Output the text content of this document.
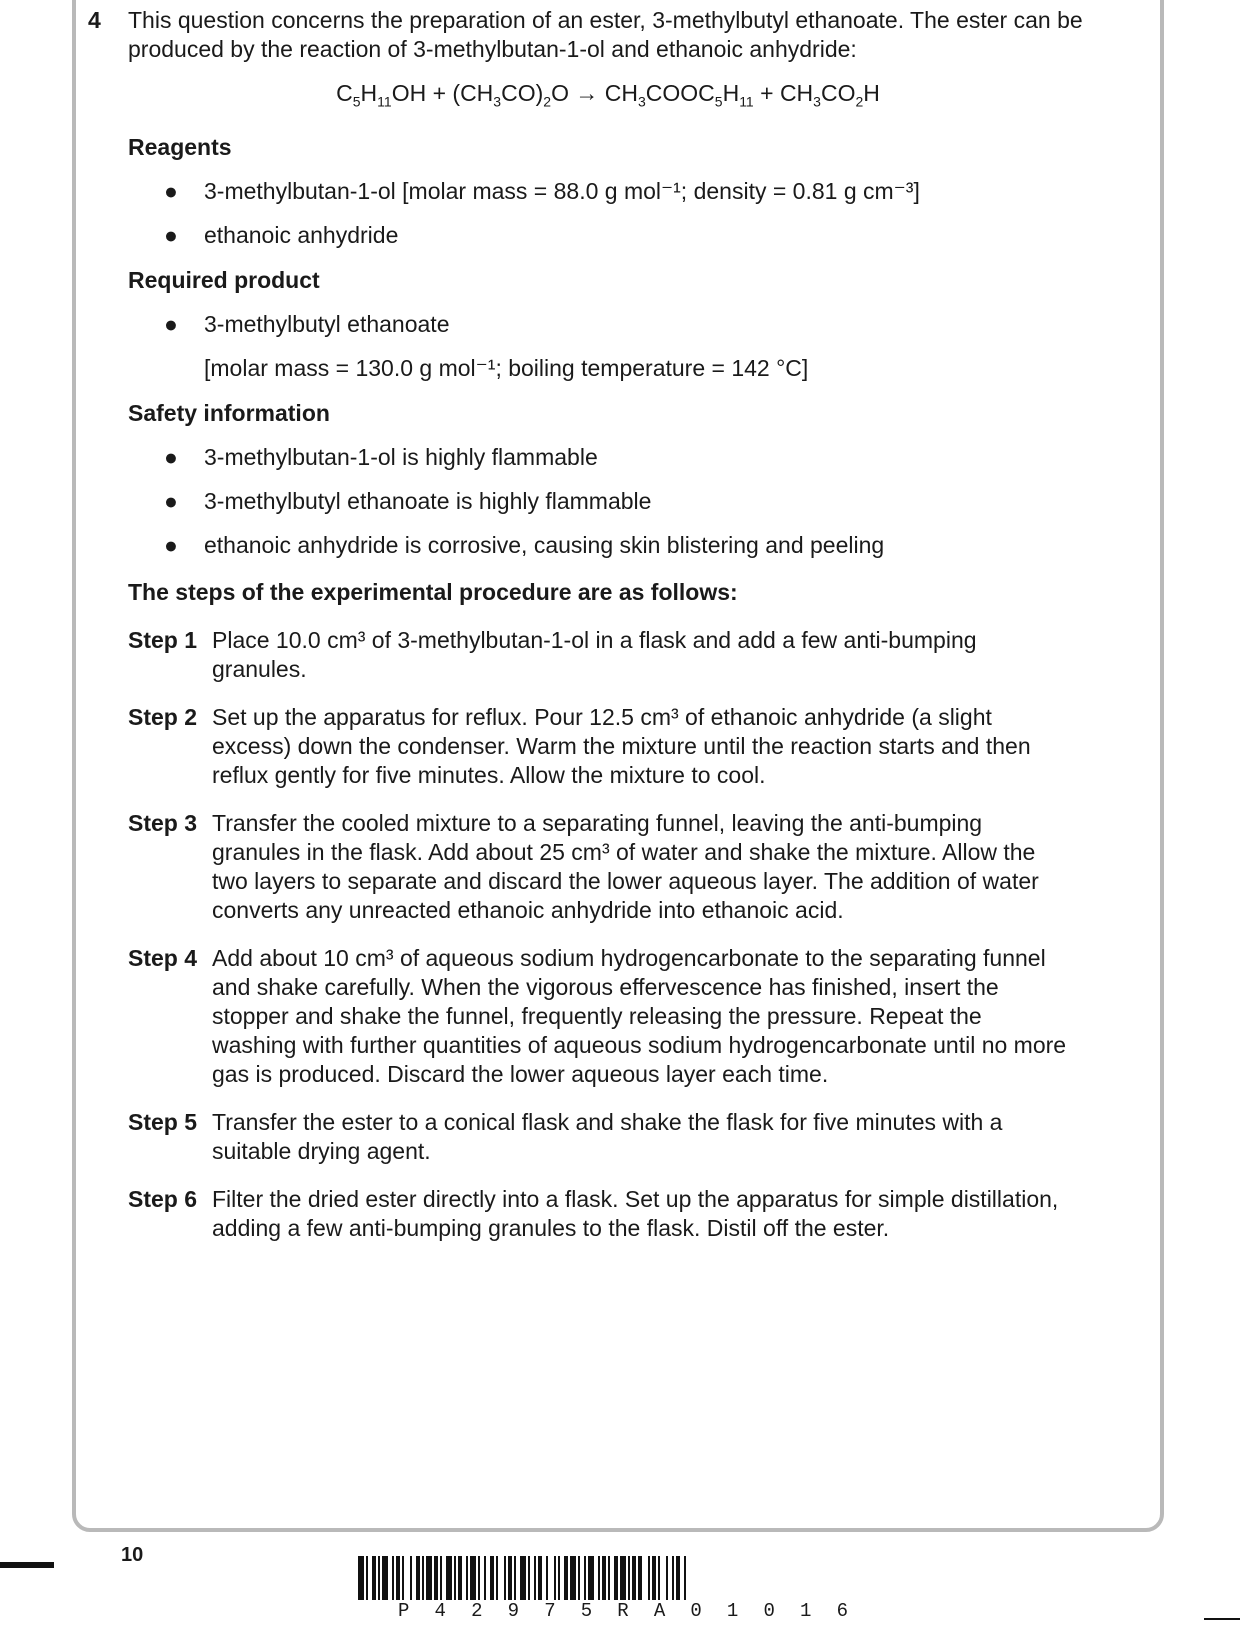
4	This question concerns the preparation of an ester, 3-methylbutyl ethanoate. The ester can be produced by the reaction of 3-methylbutan-1-ol and ethanoic anhydride:
$C_5H_{11}OH + (CH_3CO)_2O$ → $CH_3COOC_5H_{11} + CH_3CO_2H$
Reagents
●	3-methylbutan-1-ol [molar mass = 88.0 g mol⁻¹; density = 0.81 g cm⁻³]
●	ethanoic anhydride
Required product
●	3-methylbutyl ethanoate
[molar mass = 130.0 g mol⁻¹; boiling temperature = 142 °C]
Safety information
●	3-methylbutan-1-ol is highly flammable
●	3-methylbutyl ethanoate is highly flammable
●	ethanoic anhydride is corrosive, causing skin blistering and peeling
The steps of the experimental procedure are as follows:
Step 1 Place 10.0 cm³ of 3-methylbutan-1-ol in a flask and add a few anti-bumping granules.
Step 2 Set up the apparatus for reflux. Pour 12.5 cm³ of ethanoic anhydride (a slight excess) down the condenser. Warm the mixture until the reaction starts and then reflux gently for five minutes. Allow the mixture to cool.
Step 3 Transfer the cooled mixture to a separating funnel, leaving the anti-bumping granules in the flask. Add about 25 cm³ of water and shake the mixture. Allow the two layers to separate and discard the lower aqueous layer. The addition of water converts any unreacted ethanoic anhydride into ethanoic acid.
Step 4 Add about 10 cm³ of aqueous sodium hydrogencarbonate to the separating funnel and shake carefully. When the vigorous effervescence has finished, insert the stopper and shake the funnel, frequently releasing the pressure. Repeat the washing with further quantities of aqueous sodium hydrogencarbonate until no more gas is produced. Discard the lower aqueous layer each time.
Step 5 Transfer the ester to a conical flask and shake the flask for five minutes with a suitable drying agent.
Step 6 Filter the dried ester directly into a flask. Set up the apparatus for simple distillation, adding a few anti-bumping granules to the flask. Distil off the ester.
10
P 4 2 9 7 5 R A 0 1 0 1 6
